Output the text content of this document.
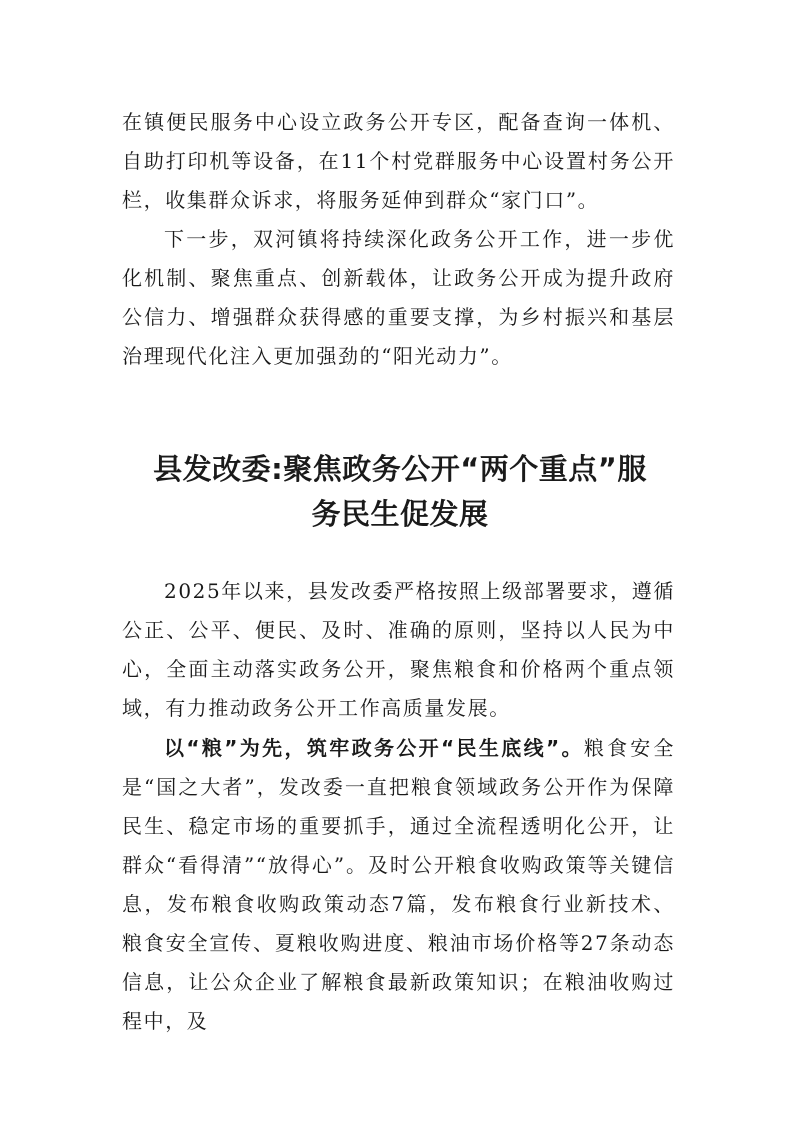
在镇便民服务中心设立政务公开专区，配备查询一体机、自助打印机等设备，在11个村党群服务中心设置村务公开栏，收集群众诉求，将服务延伸到群众“家门口”。

下一步，双河镇将持续深化政务公开工作，进一步优化机制、聚焦重点、创新载体，让政务公开成为提升政府公信力、增强群众获得感的重要支撑，为乡村振兴和基层治理现代化注入更加强劲的“阳光动力”。

县发改委:聚焦政务公开“两个重点”服
务民生促发展

2025年以来，县发改委严格按照上级部署要求，遵循公正、公平、便民、及时、准确的原则，坚持以人民为中心，全面主动落实政务公开，聚焦粮食和价格两个重点领域，有力推动政务公开工作高质量发展。

以“粮”为先，筑牢政务公开“民生底线”。粮食安全是“国之大者”，发改委一直把粮食领域政务公开作为保障民生、稳定市场的重要抓手，通过全流程透明化公开，让群众“看得清”“放得心”。及时公开粮食收购政策等关键信息，发布粮食收购政策动态7篇，发布粮食行业新技术、粮食安全宣传、夏粮收购进度、粮油市场价格等27条动态信息，让公众企业了解粮食最新政策知识；在粮油收购过程中，及
